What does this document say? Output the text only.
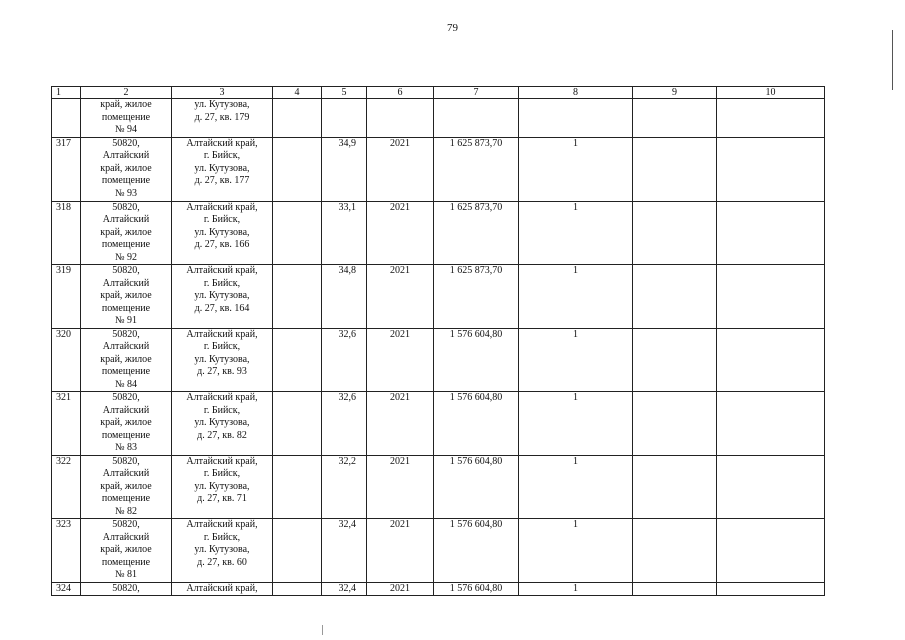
79
1	2	3	4	5	6	7	8	9	10

	край, жилое
помещение
№ 94	ул. Кутузова,
д. 27, кв. 179							

317	50820,
Алтайский
край, жилое
помещение
№ 93	Алтайский край,
г. Бийск,
ул. Кутузова,
д. 27, кв. 177		34,9	2021	1 625 873,70	1		
318	50820,
Алтайский
край, жилое
помещение
№ 92	Алтайский край,
г. Бийск,
ул. Кутузова,
д. 27, кв. 166		33,1	2021	1 625 873,70	1		
319	50820,
Алтайский
край, жилое
помещение
№ 91	Алтайский край,
г. Бийск,
ул. Кутузова,
д. 27, кв. 164		34,8	2021	1 625 873,70	1		
320	50820,
Алтайский
край, жилое
помещение
№ 84	Алтайский край,
г. Бийск,
ул. Кутузова,
д. 27, кв. 93		32,6	2021	1 576 604,80	1		
321	50820,
Алтайский
край, жилое
помещение
№ 83	Алтайский край,
г. Бийск,
ул. Кутузова,
д. 27, кв. 82		32,6	2021	1 576 604,80	1		
322	50820,
Алтайский
край, жилое
помещение
№ 82	Алтайский край,
г. Бийск,
ул. Кутузова,
д. 27, кв. 71		32,2	2021	1 576 604,80	1		
323	50820,
Алтайский
край, жилое
помещение
№ 81	Алтайский край,
г. Бийск,
ул. Кутузова,
д. 27, кв. 60		32,4	2021	1 576 604,80	1		
324	50820,	Алтайский край,		32,4	2021	1 576 604,80	1		
